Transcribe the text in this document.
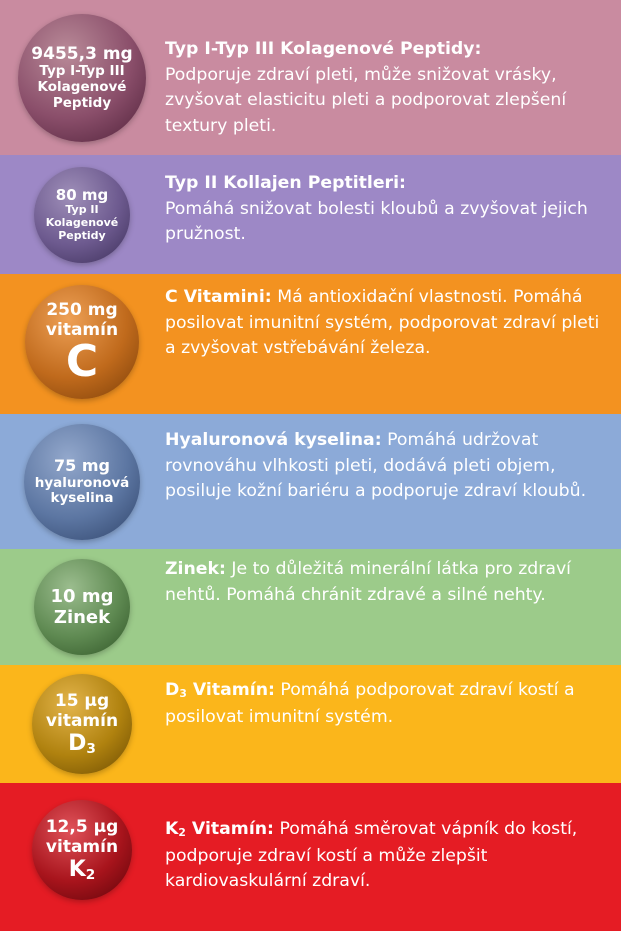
9455,3 mg
Typ I-Typ III
Kolagenové
Peptidy
Typ I-Typ III Kolagenové Peptidy:
Podporuje zdraví pleti, může snižovat vrásky, zvyšovat elasticitu pleti a podporovat zlepšení textury pleti.
80 mg
Typ II
Kolagenové
Peptidy
Typ II Kollajen Peptitleri:
Pomáhá snižovat bolesti kloubů a zvyšovat jejich pružnost.
250 mg
vitamín
C
C Vitamini: Má antioxidační vlastnosti. Pomáhá posilovat imunitní systém, podporovat zdraví pleti a zvyšovat vstřebávání železa.
75 mg
hyaluronová
kyselina
Hyaluronová kyselina: Pomáhá udržovat rovnováhu vlhkosti pleti, dodává pleti objem, posiluje kožní bariéru a podporuje zdraví kloubů.
10 mg
Zinek
Zinek: Je to důležitá minerální látka pro zdraví nehtů. Pomáhá chránit zdravé a silné nehty.
15 µg
vitamín
$D_3$
$D_3$ Vitamín: Pomáhá podporovat zdraví kostí a posilovat imunitní systém.
12,5 µg
vitamín
$K_2$
$K_2$ Vitamín: Pomáhá směrovat vápník do kostí, podporuje zdraví kostí a může zlepšit kardiovaskulární zdraví.
